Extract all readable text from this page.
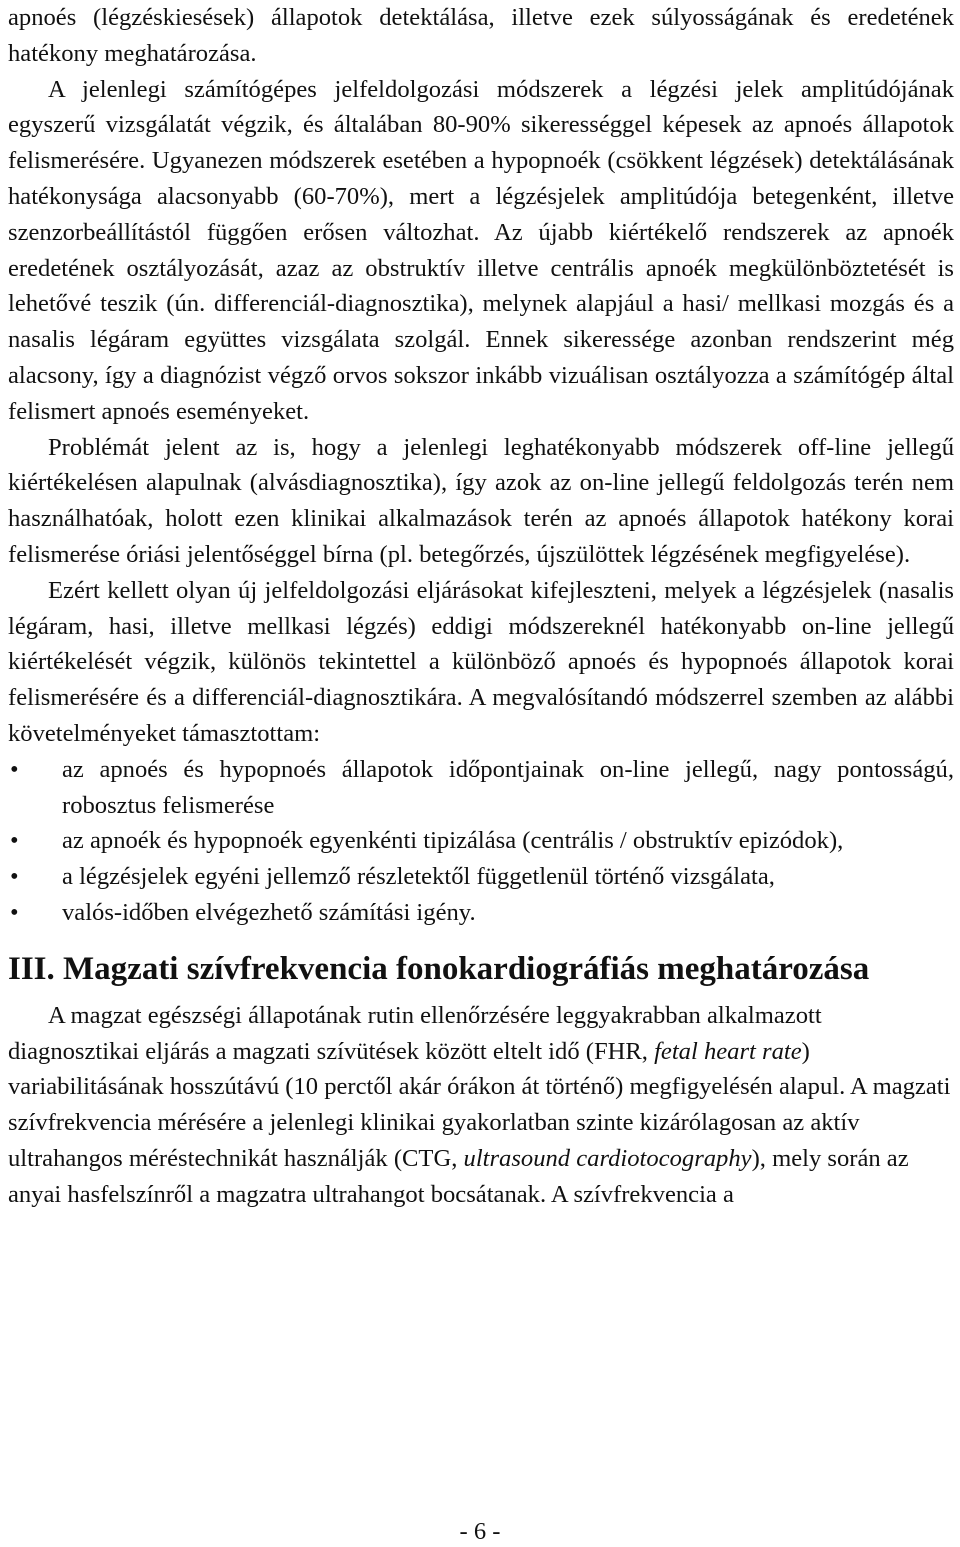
apnoés (légzéskiesések) állapotok detektálása, illetve ezek súlyosságának és eredetének hatékony meghatározása.

A jelenlegi számítógépes jelfeldolgozási módszerek a légzési jelek amplitúdójának egyszerű vizsgálatát végzik, és általában 80-90% sikerességgel képesek az apnoés állapotok felismerésére. Ugyanezen módszerek esetében a hypopnoék (csökkent légzések) detektálásának hatékonysága alacsonyabb (60-70%), mert a légzésjelek amplitúdója betegenként, illetve szenzorbeállítástól függően erősen változhat. Az újabb kiértékelő rendszerek az apnoék eredetének osztályozását, azaz az obstruktív illetve centrális apnoék megkülönböztetését is lehetővé teszik (ún. differenciál-diagnosztika), melynek alapjául a hasi/ mellkasi mozgás és a nasalis légáram együttes vizsgálata szolgál. Ennek sikeressége azonban rendszerint még alacsony, így a diagnózist végző orvos sokszor inkább vizuálisan osztályozza a számítógép által felismert apnoés eseményeket.

Problémát jelent az is, hogy a jelenlegi leghatékonyabb módszerek off-line jellegű kiértékelésen alapulnak (alvásdiagnosztika), így azok az on-line jellegű feldolgozás terén nem használhatóak, holott ezen klinikai alkalmazások terén az apnoés állapotok hatékony korai felismerése óriási jelentőséggel bírna (pl. betegőrzés, újszülöttek légzésének megfigyelése).

Ezért kellett olyan új jelfeldolgozási eljárásokat kifejleszteni, melyek a légzésjelek (nasalis légáram, hasi, illetve mellkasi légzés) eddigi módszereknél hatékonyabb on-line jellegű kiértékelését végzik, különös tekintettel a különböző apnoés és hypopnoés állapotok korai felismerésére és a differenciál-diagnosztikára. A megvalósítandó módszerrel szemben az alábbi követelményeket támasztottam:

• az apnoés és hypopnoés állapotok időpontjainak on-line jellegű, nagy pontosságú, robosztus felismerése
• az apnoék és hypopnoék egyenkénti tipizálása (centrális / obstruktív epizódok),
• a légzésjelek egyéni jellemző részletektől függetlenül történő vizsgálata,
• valós-időben elvégezhető számítási igény.
III. Magzati szívfrekvencia fonokardiográfiás meghatározása

A magzat egészségi állapotának rutin ellenőrzésére leggyakrabban alkalmazott diagnosztikai eljárás a magzati szívütések között eltelt idő (FHR, fetal heart rate) variabilitásának hosszútávú (10 perctől akár órákon át történő) megfigyelésén alapul. A magzati szívfrekvencia mérésére a jelenlegi klinikai gyakorlatban szinte kizárólagosan az aktív ultrahangos méréstechnikát használják (CTG, ultrasound cardiotocography), mely során az anyai hasfelszínről a magzatra ultrahangot bocsátanak. A szívfrekvencia a

- 6 -
